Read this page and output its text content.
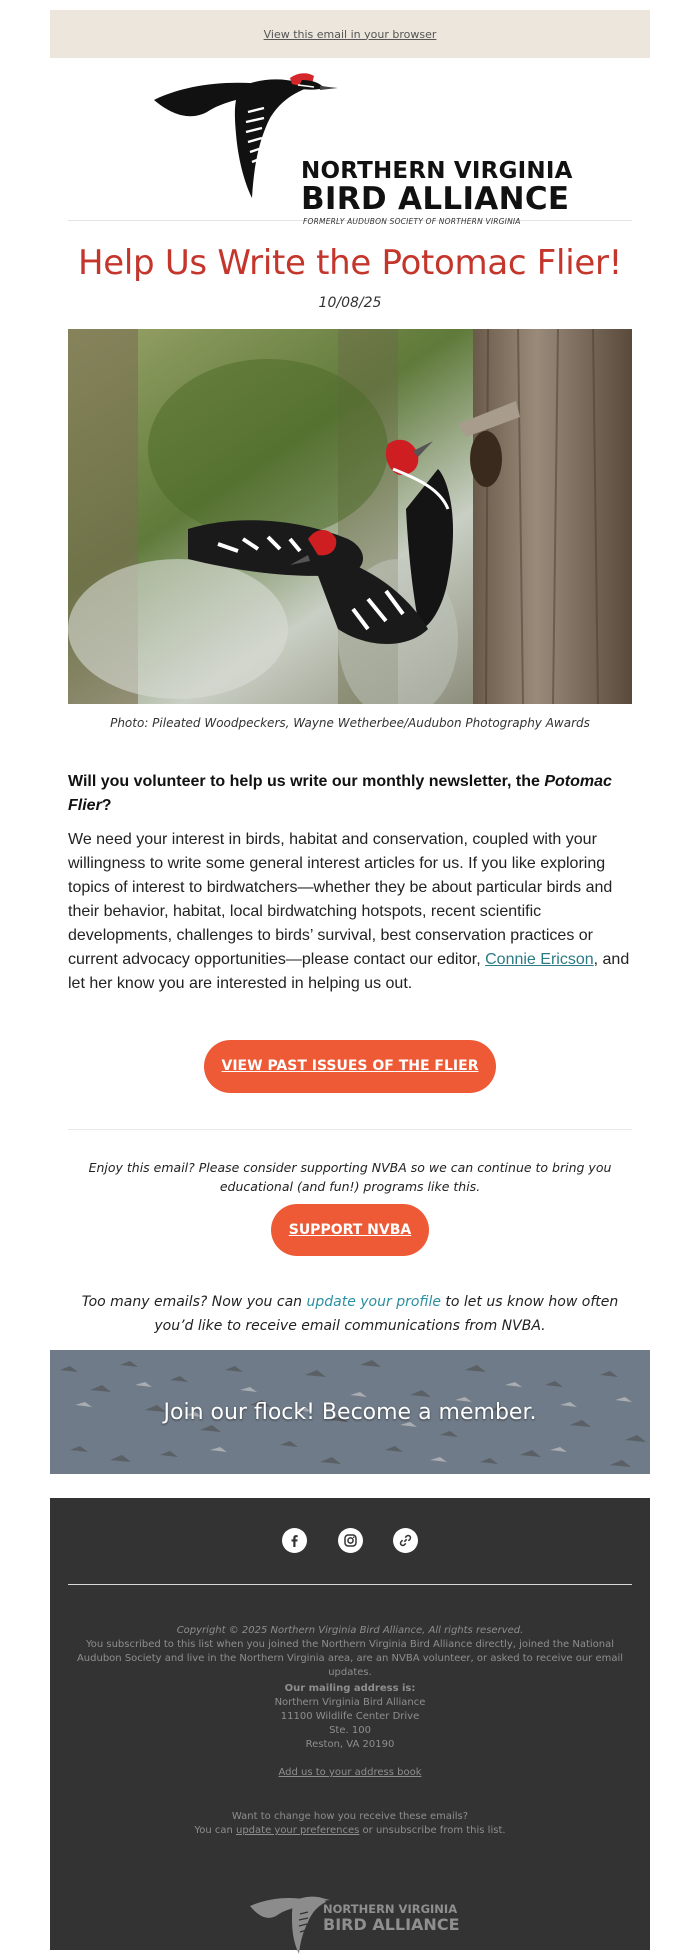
View this email in your browser
NORTHERN VIRGINIA
BIRD ALLIANCE
FORMERLY AUDUBON SOCIETY OF NORTHERN VIRGINIA
Help Us Write the Potomac Flier!
10/08/25
Photo: Pileated Woodpeckers, Wayne Wetherbee/Audubon Photography Awards

Will you volunteer to help us write our monthly newsletter, the Potomac Flier?

We need your interest in birds, habitat and conservation, coupled with your willingness to write some general interest articles for us. If you like exploring topics of interest to birdwatchers—whether they be about particular birds and their behavior, habitat, local birdwatching hotspots, recent scientific developments, challenges to birds’ survival, best conservation practices or current advocacy opportunities—please contact our editor, Connie Ericson, and let her know you are interested in helping us out.

VIEW PAST ISSUES OF THE FLIER
Enjoy this email? Please consider supporting NVBA so we can continue to bring you educational (and fun!) programs like this.
SUPPORT NVBA
Too many emails? Now you can update your profile to let us know how often you’d like to receive email communications from NVBA.
Join our flock! Become a member.

Copyright © 2025 Northern Virginia Bird Alliance, All rights reserved.
You subscribed to this list when you joined the Northern Virginia Bird Alliance directly, joined the National Audubon Society and live in the Northern Virginia area, are an NVBA volunteer, or asked to receive our email updates.
Our mailing address is:
Northern Virginia Bird Alliance
11100 Wildlife Center Drive
Ste. 100
Reston, VA 20190
Add us to your address book
Want to change how you receive these emails?
You can update your preferences or unsubscribe from this list.
NORTHERN VIRGINIA
BIRD ALLIANCE
